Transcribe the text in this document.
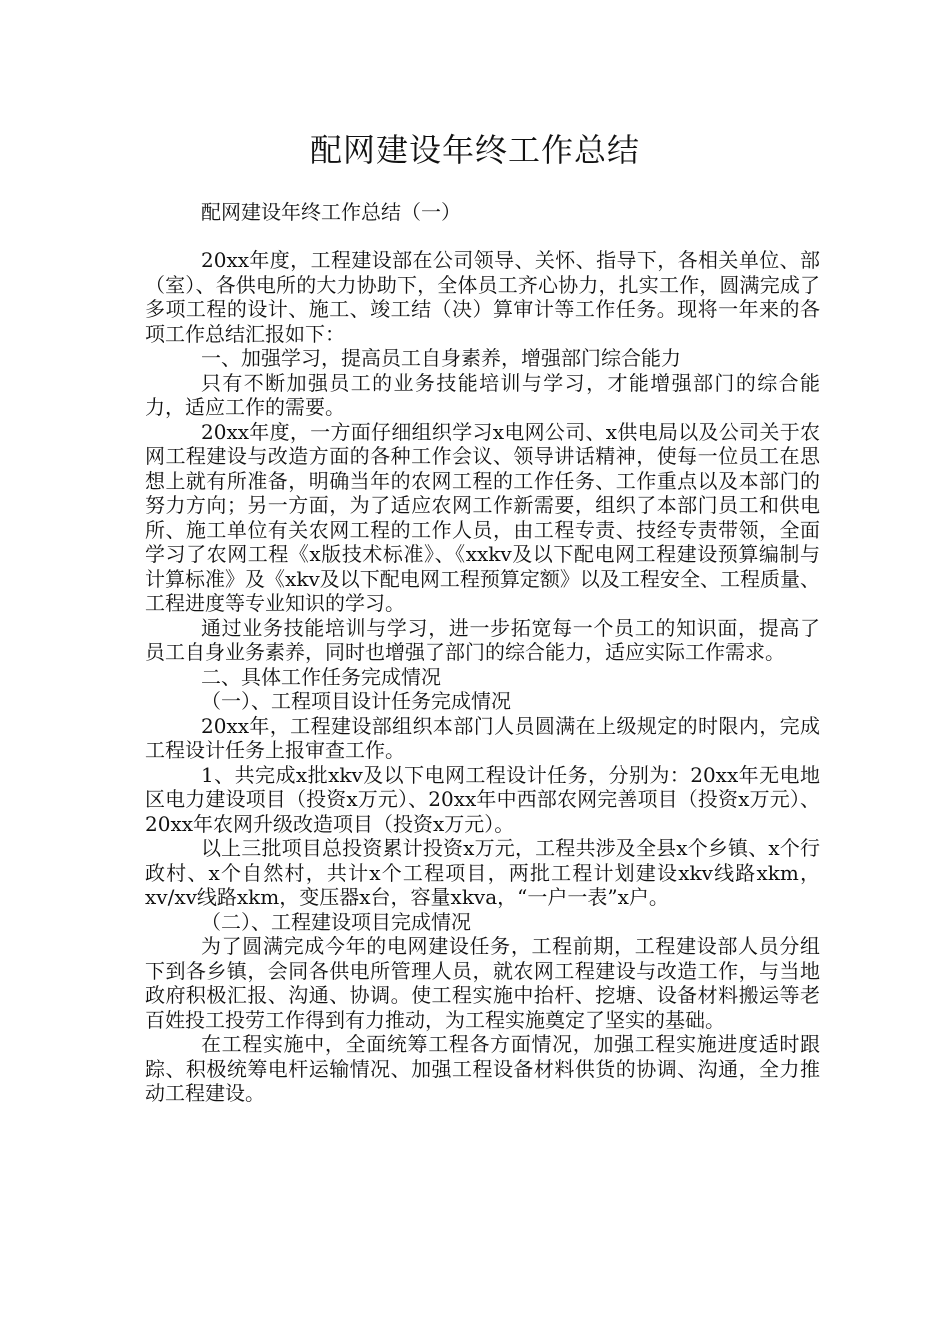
配网建设年终工作总结
配网建设年终工作总结（一）

20xx年度，工程建设部在公司领导、关怀、指导下，各相关单位、部（室）、各供电所的大力协助下，全体员工齐心协力，扎实工作，圆满完成了多项工程的设计、施工、竣工结（决）算审计等工作任务。现将一年来的各项工作总结汇报如下：

一、加强学习，提高员工自身素养，增强部门综合能力

只有不断加强员工的业务技能培训与学习，才能增强部门的综合能力，适应工作的需要。

20xx年度，一方面仔细组织学习x电网公司、x供电局以及公司关于农网工程建设与改造方面的各种工作会议、领导讲话精神，使每一位员工在思想上就有所准备，明确当年的农网工程的工作任务、工作重点以及本部门的努力方向；另一方面，为了适应农网工作新需要，组织了本部门员工和供电所、施工单位有关农网工程的工作人员，由工程专责、技经专责带领，全面学习了农网工程《x版技术标准》、《xxkv及以下配电网工程建设预算编制与计算标准》及《xkv及以下配电网工程预算定额》以及工程安全、工程质量、工程进度等专业知识的学习。

通过业务技能培训与学习，进一步拓宽每一个员工的知识面，提高了员工自身业务素养，同时也增强了部门的综合能力，适应实际工作需求。

二、具体工作任务完成情况

（一）、工程项目设计任务完成情况

20xx年，工程建设部组织本部门人员圆满在上级规定的时限内，完成工程设计任务上报审查工作。

1、共完成x批xkv及以下电网工程设计任务，分别为：20xx年无电地区电力建设项目（投资x万元）、20xx年中西部农网完善项目（投资x万元）、20xx年农网升级改造项目（投资x万元）。

以上三批项目总投资累计投资x万元，工程共涉及全县x个乡镇、x个行政村、x个自然村，共计x个工程项目，两批工程计划建设xkv线路xkm，xv/xv线路xkm，变压器x台，容量xkva，“一户一表”x户。

（二）、工程建设项目完成情况

为了圆满完成今年的电网建设任务，工程前期，工程建设部人员分组下到各乡镇，会同各供电所管理人员，就农网工程建设与改造工作，与当地政府积极汇报、沟通、协调。使工程实施中抬杆、挖塘、设备材料搬运等老百姓投工投劳工作得到有力推动，为工程实施奠定了坚实的基础。

在工程实施中，全面统筹工程各方面情况，加强工程实施进度适时跟踪、积极统筹电杆运输情况、加强工程设备材料供货的协调、沟通，全力推动工程建设。
